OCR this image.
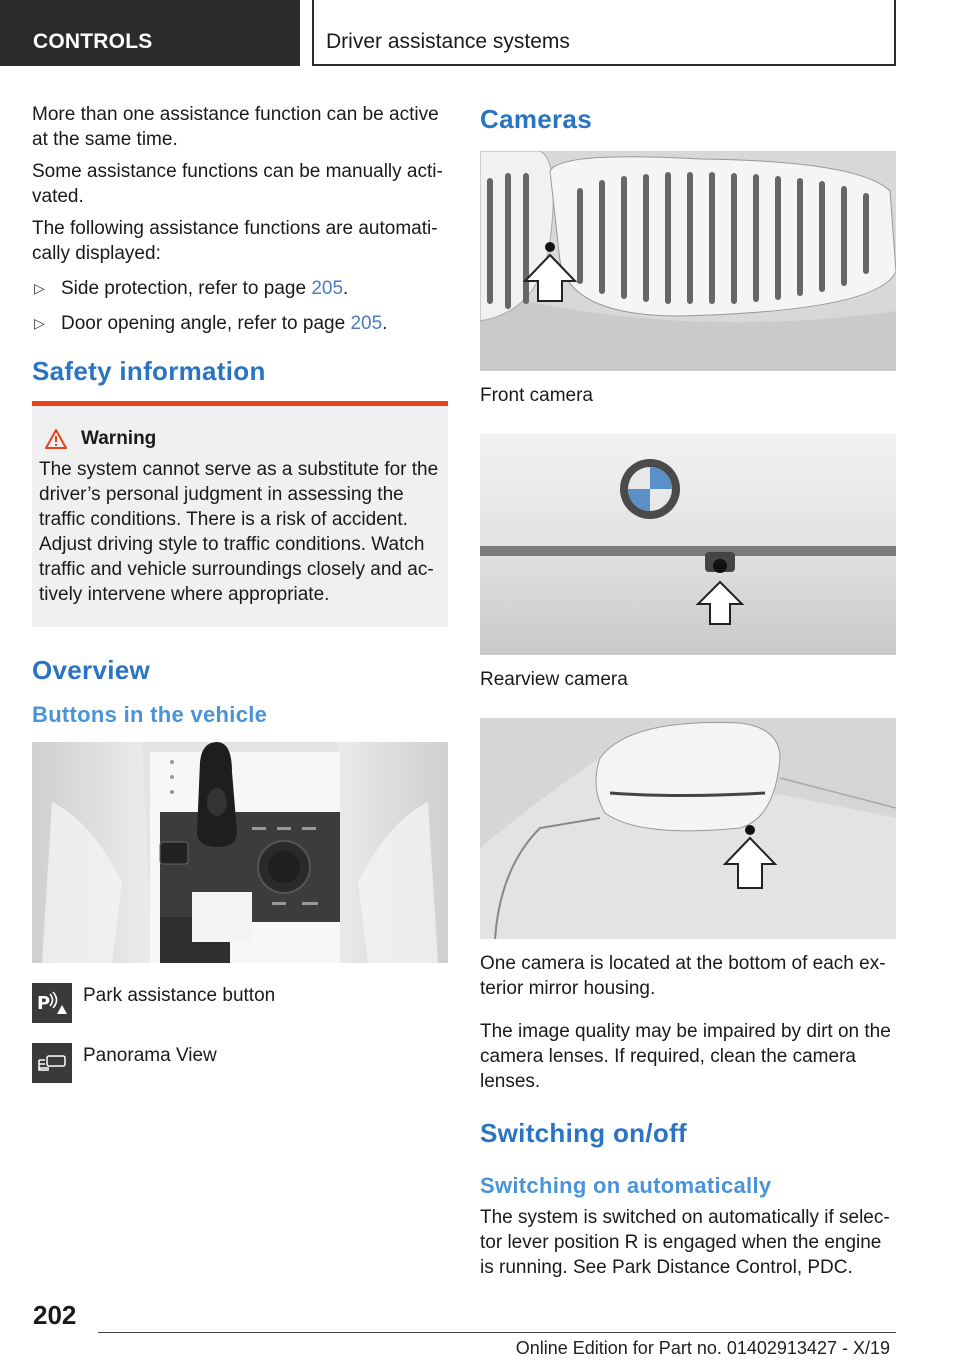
CONTROLS	Driver assistance systems

More than one assistance function can be active at the same time.

Some assistance functions can be manually acti‐ vated.

The following assistance functions are automati‐ cally displayed:

▷ Side protection, refer to page 205.
▷ Door opening angle, refer to page 205.
Safety information
Warning
The system cannot serve as a substitute for the driver’s personal judgment in assessing the traffic conditions. There is a risk of accident. Adjust driving style to traffic conditions. Watch traffic and vehicle surroundings closely and ac‐ tively intervene where appropriate.
Overview
Buttons in the vehicle
P Park assistance button
Panorama View
Cameras
Front camera
Rearview camera
One camera is located at the bottom of each ex‐ terior mirror housing.

The image quality may be impaired by dirt on the camera lenses. If required, clean the camera lenses.

Switching on/off
Switching on automatically

The system is switched on automatically if selec‐ tor lever position R is engaged when the engine is running. See Park Distance Control, PDC.

202
Online Edition for Part no. 01402913427 - X/19
